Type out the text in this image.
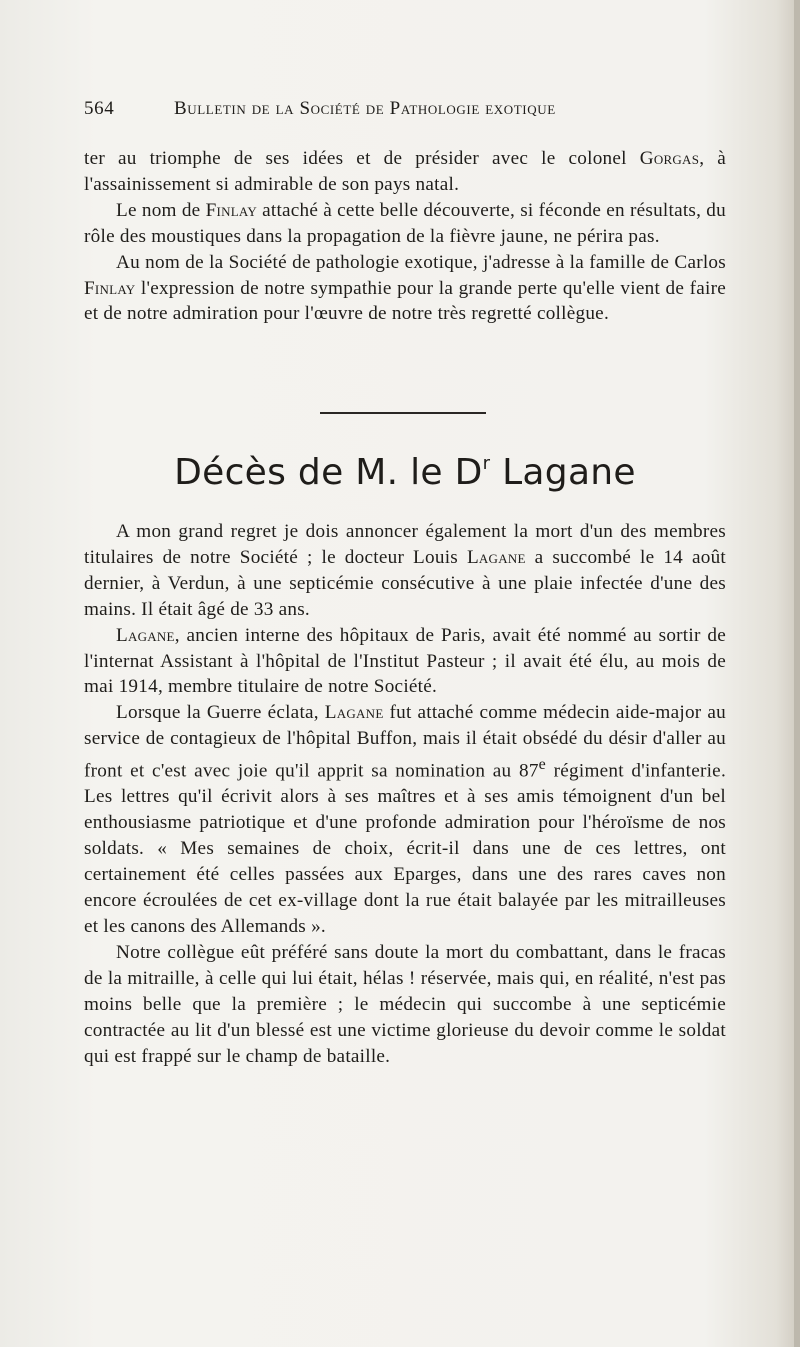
564	Bulletin de la Société de Pathologie exotique

ter au triomphe de ses idées et de présider avec le colonel Gorgas, à l'assainissement si admirable de son pays natal.

Le nom de Finlay attaché à cette belle découverte, si féconde en résultats, du rôle des moustiques dans la propagation de la fièvre jaune, ne périra pas.

Au nom de la Société de pathologie exotique, j'adresse à la famille de Carlos Finlay l'expression de notre sympathie pour la grande perte qu'elle vient de faire et de notre admiration pour l'œuvre de notre très regretté collègue.

Décès de M. le $D^r$ Lagane

A mon grand regret je dois annoncer également la mort d'un des membres titulaires de notre Société ; le docteur Louis Lagane a succombé le 14 août dernier, à Verdun, à une septicémie consécutive à une plaie infectée d'une des mains. Il était âgé de 33 ans.

Lagane, ancien interne des hôpitaux de Paris, avait été nommé au sortir de l'internat Assistant à l'hôpital de l'Institut Pasteur ; il avait été élu, au mois de mai 1914, membre titulaire de notre Société.

Lorsque la Guerre éclata, Lagane fut attaché comme médecin aide-major au service de contagieux de l'hôpital Buffon, mais il était obsédé du désir d'aller au front et c'est avec joie qu'il apprit sa nomination au 87e régiment d'infanterie. Les lettres qu'il écrivit alors à ses maîtres et à ses amis témoignent d'un bel enthousiasme patriotique et d'une profonde admiration pour l'héroïsme de nos soldats. « Mes semaines de choix, écrit-il dans une de ces lettres, ont certainement été celles passées aux Eparges, dans une des rares caves non encore écroulées de cet ex-village dont la rue était balayée par les mitrailleuses et les canons des Allemands ».

Notre collègue eût préféré sans doute la mort du combattant, dans le fracas de la mitraille, à celle qui lui était, hélas ! réservée, mais qui, en réalité, n'est pas moins belle que la première ; le médecin qui succombe à une septicémie contractée au lit d'un blessé est une victime glorieuse du devoir comme le soldat qui est frappé sur le champ de bataille.
